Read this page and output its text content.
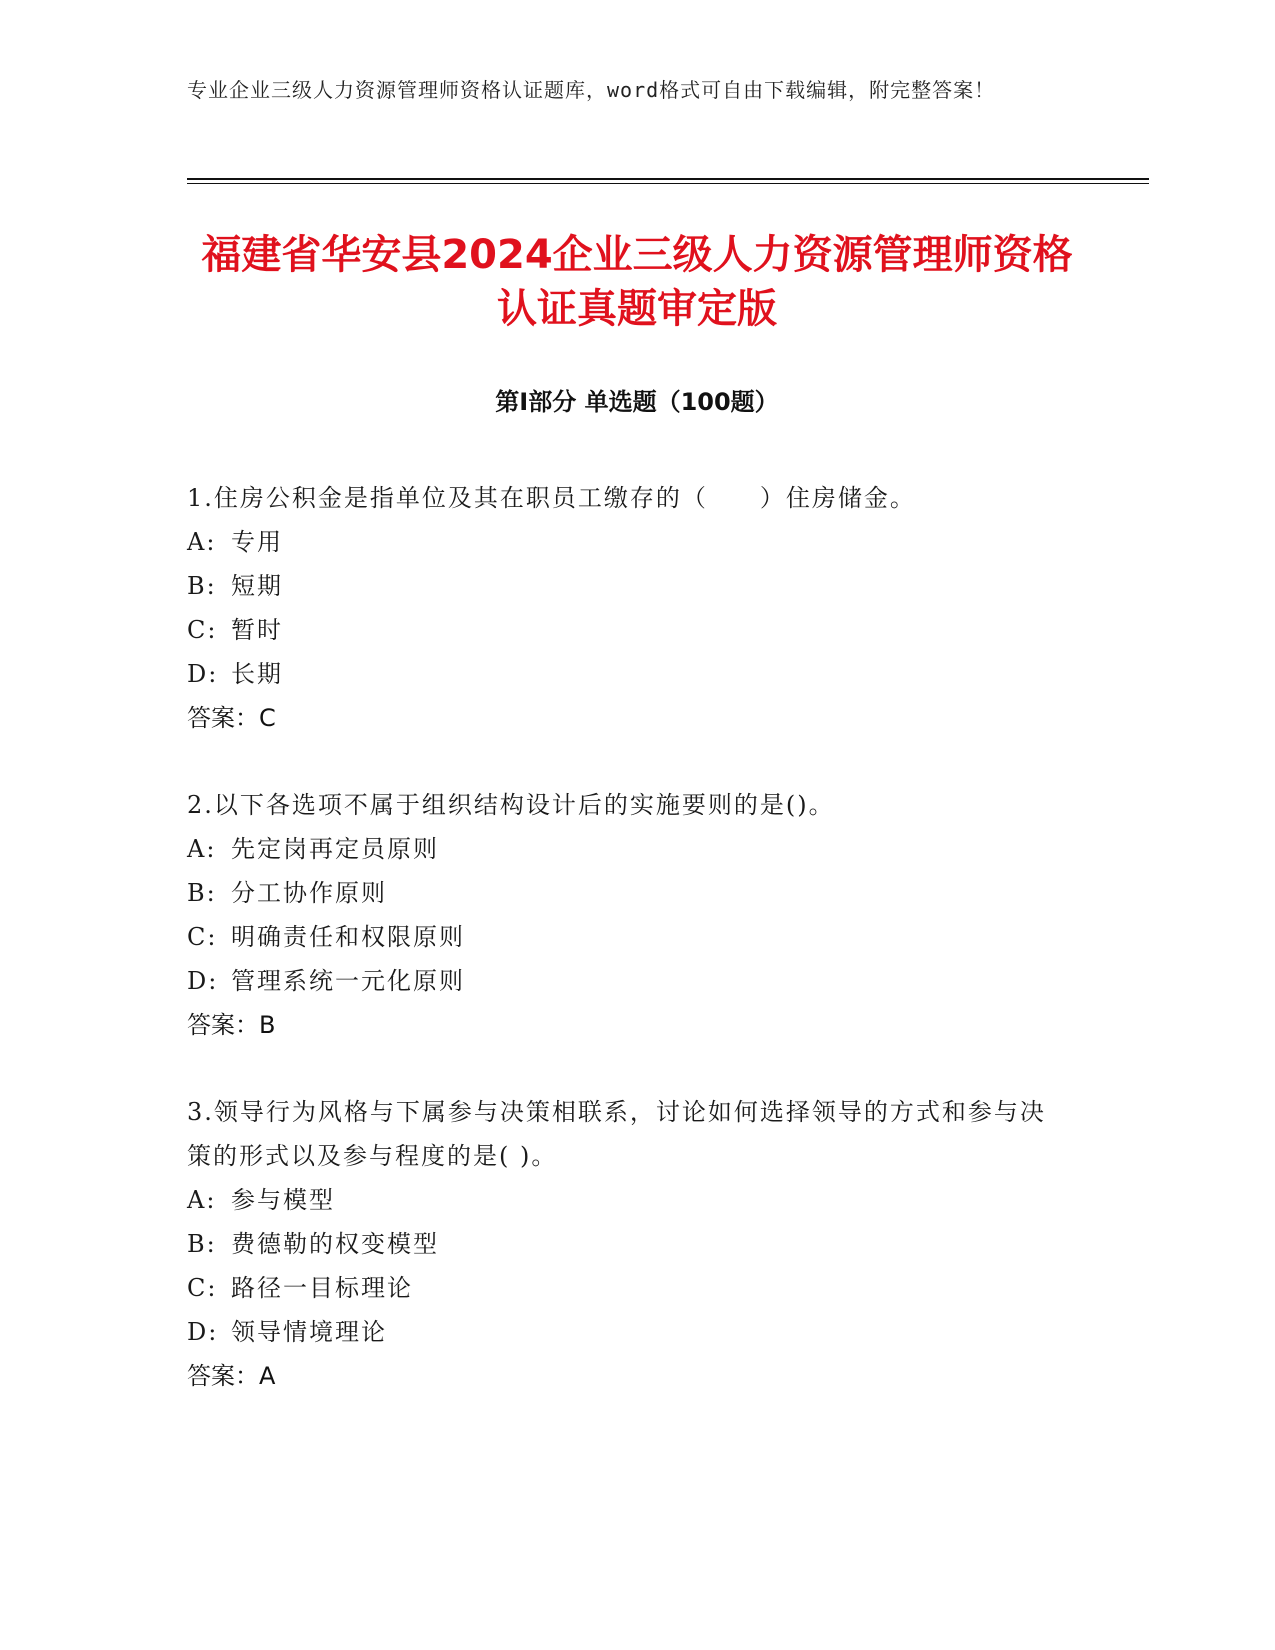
专业企业三级人力资源管理师资格认证题库，word格式可自由下载编辑，附完整答案！
福建省华安县2024企业三级人力资源管理师资格认证真题审定版
第Ⅰ部分 单选题（100题）

1.住房公积金是指单位及其在职员工缴存的（　　）住房储金。

A: 专用

B: 短期

C: 暂时

D: 长期

答案：C

2.以下各选项不属于组织结构设计后的实施要则的是()。

A: 先定岗再定员原则

B: 分工协作原则

C: 明确责任和权限原则

D: 管理系统一元化原则

答案：B

3.领导行为风格与下属参与决策相联系，讨论如何选择领导的方式和参与决策的形式以及参与程度的是( )。

A: 参与模型

B: 费德勒的权变模型

C: 路径一目标理论

D: 领导情境理论

答案：A
